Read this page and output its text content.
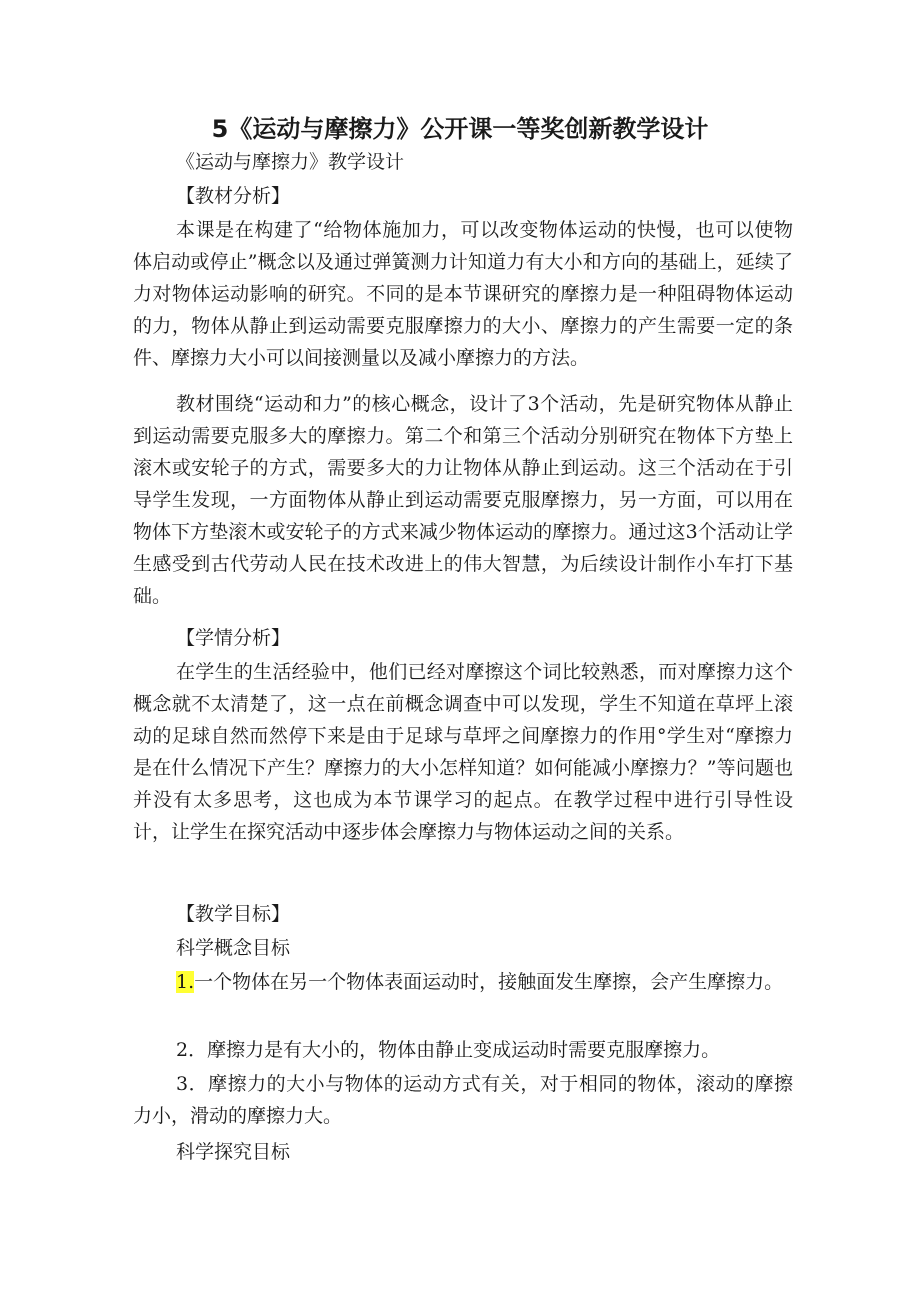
5《运动与摩擦力》公开课一等奖创新教学设计

《运动与摩擦力》教学设计

【教材分析】

本课是在构建了“给物体施加力，可以改变物体运动的快慢，也可以使物体启动或停止”概念以及通过弹簧测力计知道力有大小和方向的基础上，延续了力对物体运动影响的研究。不同的是本节课研究的摩擦力是一种阻碍物体运动的力，物体从静止到运动需要克服摩擦力的大小、摩擦力的产生需要一定的条件、摩擦力大小可以间接测量以及减小摩擦力的方法。

教材围绕“运动和力”的核心概念，设计了3个活动，先是研究物体从静止到运动需要克服多大的摩擦力。第二个和第三个活动分别研究在物体下方垫上滚木或安轮子的方式，需要多大的力让物体从静止到运动。这三个活动在于引导学生发现，一方面物体从静止到运动需要克服摩擦力，另一方面，可以用在物体下方垫滚木或安轮子的方式来减少物体运动的摩擦力。通过这3个活动让学生感受到古代劳动人民在技术改进上的伟大智慧，为后续设计制作小车打下基础。

【学情分析】

在学生的生活经验中，他们已经对摩擦这个词比较熟悉，而对摩擦力这个概念就不太清楚了，这一点在前概念调查中可以发现，学生不知道在草坪上滚动的足球自然而然停下来是由于足球与草坪之间摩擦力的作用°学生对“摩擦力是在什么情况下产生？摩擦力的大小怎样知道？如何能减小摩擦力？”等问题也并没有太多思考，这也成为本节课学习的起点。在教学过程中进行引导性设计，让学生在探究活动中逐步体会摩擦力与物体运动之间的关系。

【教学目标】

科学概念目标

1.一个物体在另一个物体表面运动时，接触面发生摩擦，会产生摩擦力。

2．摩擦力是有大小的，物体由静止变成运动时需要克服摩擦力。

3．摩擦力的大小与物体的运动方式有关，对于相同的物体，滚动的摩擦力小，滑动的摩擦力大。

科学探究目标
